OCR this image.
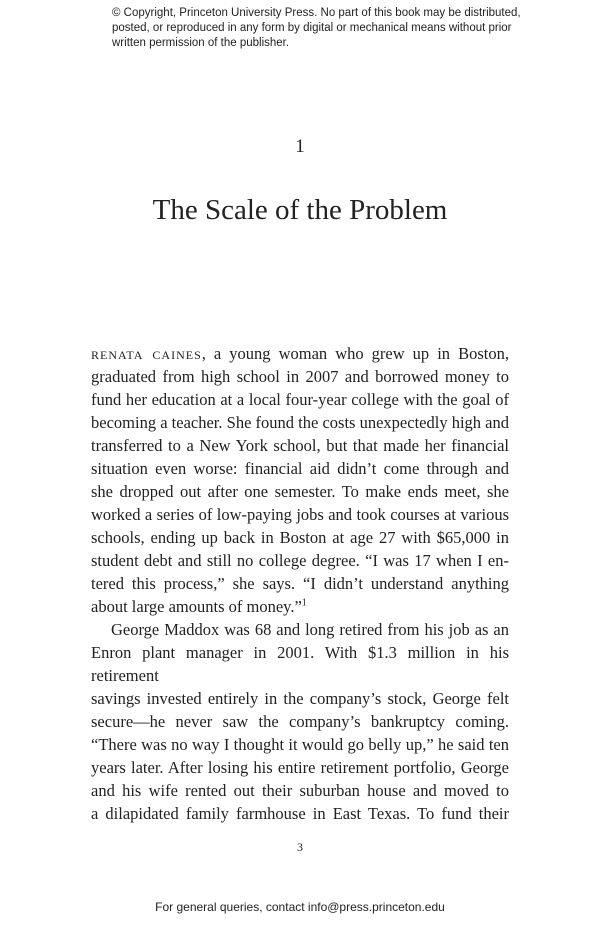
© Copyright, Princeton University Press. No part of this book may be distributed, posted, or reproduced in any form by digital or mechanical means without prior written permission of the publisher.
1
The Scale of the Problem

renata caines, a young woman who grew up in Boston,

graduated from high school in 2007 and borrowed money to

fund her education at a local four-year college with the goal of

becoming a teacher. She found the costs unexpectedly high and

transferred to a New York school, but that made her financial

situation even worse: financial aid didn’t come through and

she dropped out after one semester. To make ends meet, she

worked a series of low-paying jobs and took courses at various

schools, ending up back in Boston at age 27 with $65,000 in

student debt and still no college degree. “I was 17 when I en-

tered this process,” she says. “I didn’t understand anything

about large amounts of money.”$^1$

George Maddox was 68 and long retired from his job as an

Enron plant manager in 2001. With $1.3 million in his retirement

savings invested entirely in the company’s stock, George felt

secure—he never saw the company’s bankruptcy coming.

“There was no way I thought it would go belly up,” he said ten

years later. After losing his entire retirement portfolio, George

and his wife rented out their suburban house and moved to

a dilapidated family farmhouse in East Texas. To fund their

3
For general queries, contact info@press.princeton.edu
